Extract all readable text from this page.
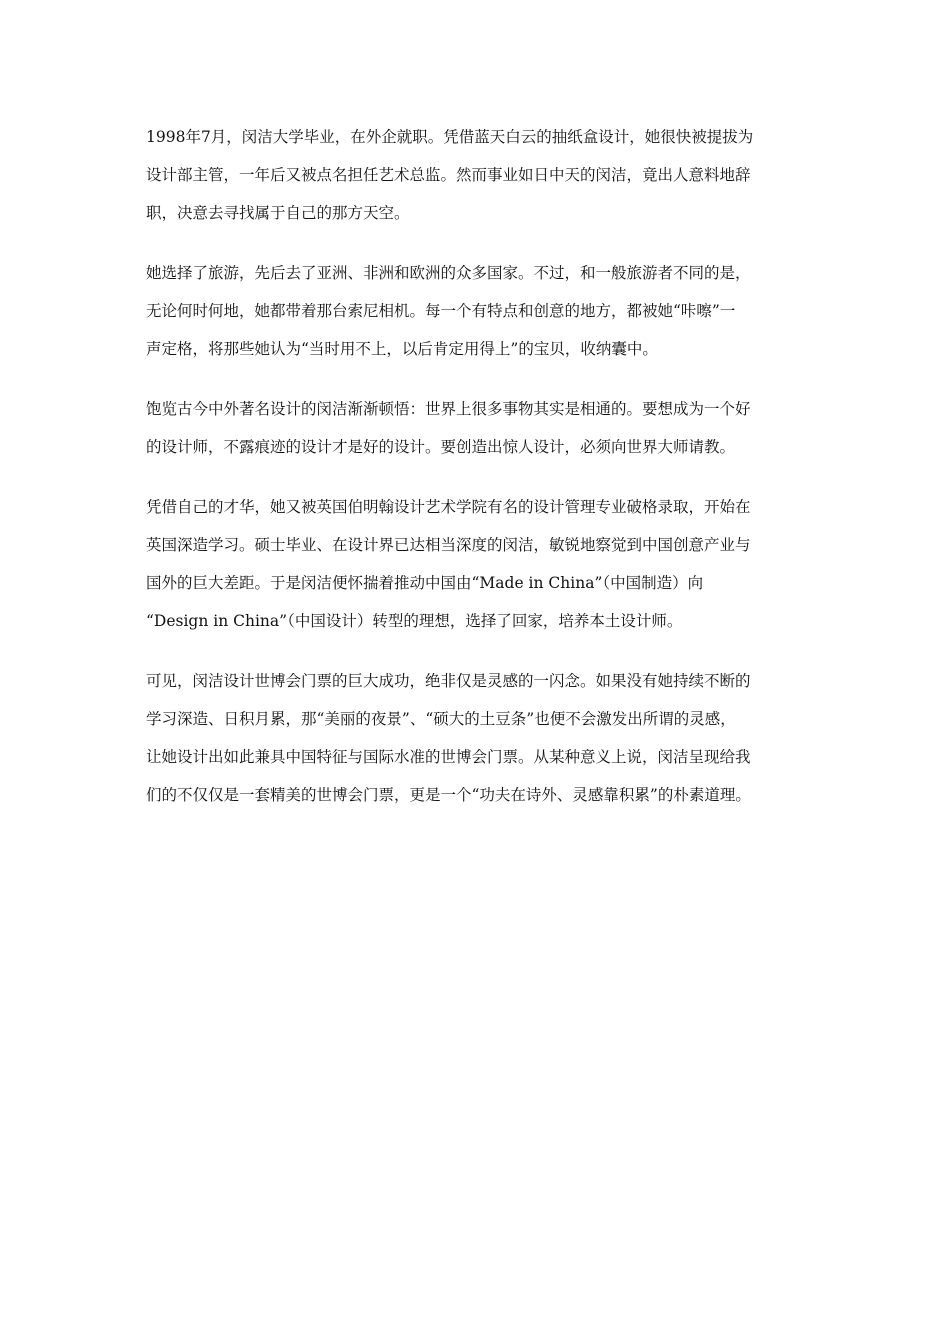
1998年7月，闵洁大学毕业，在外企就职。凭借蓝天白云的抽纸盒设计，她很快被提拔为
设计部主管，一年后又被点名担任艺术总监。然而事业如日中天的闵洁，竟出人意料地辞
职，决意去寻找属于自己的那方天空。

她选择了旅游，先后去了亚洲、非洲和欧洲的众多国家。不过，和一般旅游者不同的是，
无论何时何地，她都带着那台索尼相机。每一个有特点和创意的地方，都被她“咔嚓”一
声定格，将那些她认为“当时用不上，以后肯定用得上”的宝贝，收纳囊中。

饱览古今中外著名设计的闵洁渐渐顿悟：世界上很多事物其实是相通的。要想成为一个好
的设计师，不露痕迹的设计才是好的设计。要创造出惊人设计，必须向世界大师请教。

凭借自己的才华，她又被英国伯明翰设计艺术学院有名的设计管理专业破格录取，开始在
英国深造学习。硕士毕业、在设计界已达相当深度的闵洁，敏锐地察觉到中国创意产业与
国外的巨大差距。于是闵洁便怀揣着推动中国由“Made in China”（中国制造）向
“Design in China”（中国设计）转型的理想，选择了回家，培养本土设计师。

可见，闵洁设计世博会门票的巨大成功，绝非仅是灵感的一闪念。如果没有她持续不断的
学习深造、日积月累，那“美丽的夜景”、“硕大的土豆条”也便不会激发出所谓的灵感，
让她设计出如此兼具中国特征与国际水准的世博会门票。从某种意义上说，闵洁呈现给我
们的不仅仅是一套精美的世博会门票，更是一个“功夫在诗外、灵感靠积累”的朴素道理。
